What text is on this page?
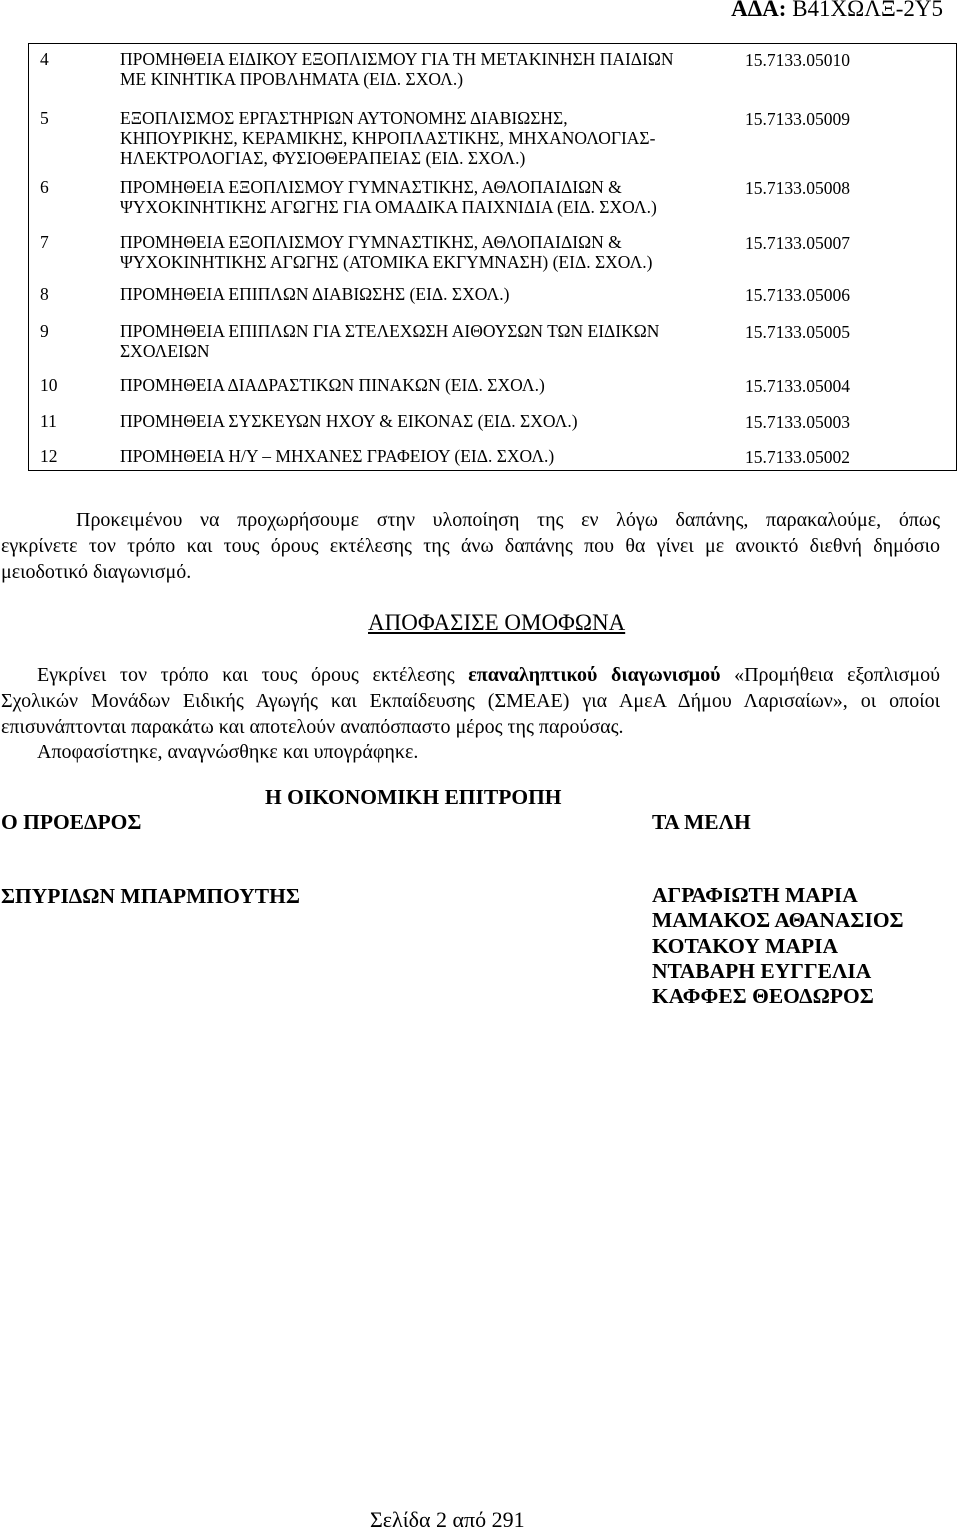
ΑΔΑ: Β41ΧΩΛΞ-2Υ5
4	ΠΡΟΜΗΘΕΙΑ ΕΙΔΙΚΟΥ ΕΞΟΠΛΙΣΜΟΥ ΓΙΑ ΤΗ ΜΕΤΑΚΙΝΗΣΗ ΠΑΙΔΙΩΝ
ΜΕ ΚΙΝΗΤΙΚΑ ΠΡΟΒΛΗΜΑΤΑ (ΕΙΔ. ΣΧΟΛ.)
15.7133.05010
5	ΕΞΟΠΛΙΣΜΟΣ ΕΡΓΑΣΤΗΡΙΩΝ ΑΥΤΟΝΟΜΗΣ ΔΙΑΒΙΩΣΗΣ,
ΚΗΠΟΥΡΙΚΗΣ, ΚΕΡΑΜΙΚΗΣ, ΚΗΡΟΠΛΑΣΤΙΚΗΣ, ΜΗΧΑΝΟΛΟΓΙΑΣ-
ΗΛΕΚΤΡΟΛΟΓΙΑΣ, ΦΥΣΙΟΘΕΡΑΠΕΙΑΣ (ΕΙΔ. ΣΧΟΛ.)
15.7133.05009
6	ΠΡΟΜΗΘΕΙΑ ΕΞΟΠΛΙΣΜΟΥ ΓΥΜΝΑΣΤΙΚΗΣ, ΑΘΛΟΠΑΙΔΙΩΝ &
ΨΥΧΟΚΙΝΗΤΙΚΗΣ ΑΓΩΓΗΣ ΓΙΑ ΟΜΑΔΙΚΑ ΠΑΙΧΝΙΔΙΑ (ΕΙΔ. ΣΧΟΛ.)
15.7133.05008
7	ΠΡΟΜΗΘΕΙΑ ΕΞΟΠΛΙΣΜΟΥ ΓΥΜΝΑΣΤΙΚΗΣ, ΑΘΛΟΠΑΙΔΙΩΝ &
ΨΥΧΟΚΙΝΗΤΙΚΗΣ ΑΓΩΓΗΣ (ΑΤΟΜΙΚΑ ΕΚΓΥΜΝΑΣΗ) (ΕΙΔ. ΣΧΟΛ.)
15.7133.05007
8	ΠΡΟΜΗΘΕΙΑ ΕΠΙΠΛΩΝ ΔΙΑΒΙΩΣΗΣ (ΕΙΔ. ΣΧΟΛ.)	15.7133.05006
9	ΠΡΟΜΗΘΕΙΑ ΕΠΙΠΛΩΝ ΓΙΑ ΣΤΕΛΕΧΩΣΗ ΑΙΘΟΥΣΩΝ ΤΩΝ ΕΙΔΙΚΩΝ
ΣΧΟΛΕΙΩΝ
15.7133.05005
10	ΠΡΟΜΗΘΕΙΑ ΔΙΑΔΡΑΣΤΙΚΩΝ ΠΙΝΑΚΩΝ (ΕΙΔ. ΣΧΟΛ.)	15.7133.05004
11	ΠΡΟΜΗΘΕΙΑ ΣΥΣΚΕΥΩΝ ΗΧΟΥ & ΕΙΚΟΝΑΣ (ΕΙΔ. ΣΧΟΛ.)	15.7133.05003
12	ΠΡΟΜΗΘΕΙΑ Η/Υ – ΜΗΧΑΝΕΣ ΓΡΑΦΕΙΟΥ (ΕΙΔ. ΣΧΟΛ.)	15.7133.05002
Προκειμένου να προχωρήσουμε στην υλοποίηση της εν λόγω δαπάνης, παρακαλούμε, όπως
εγκρίνετε τον τρόπο και τους όρους εκτέλεσης της άνω δαπάνης που θα γίνει με ανοικτό διεθνή δημόσιο
μειοδοτικό διαγωνισμό.
ΑΠΟΦΑΣΙΣΕ ΟΜΟΦΩΝΑ
Εγκρίνει τον τρόπο και τους όρους εκτέλεσης επαναληπτικού διαγωνισμού «Προμήθεια εξοπλισμού
Σχολικών Μονάδων Ειδικής Αγωγής και Εκπαίδευσης (ΣΜΕΑΕ) για ΑμεΑ Δήμου Λαρισαίων», οι οποίοι
επισυνάπτονται παρακάτω και αποτελούν αναπόσπαστο μέρος της παρούσας.
Αποφασίστηκε, αναγνώσθηκε και υπογράφηκε.
Η ΟΙΚΟΝΟΜΙΚΗ ΕΠΙΤΡΟΠΗ
Ο ΠΡΟΕΔΡΟΣ	ΤΑ ΜΕΛΗ
ΣΠΥΡΙΔΩΝ ΜΠΑΡΜΠΟΥΤΗΣ	ΑΓΡΑΦΙΩΤΗ ΜΑΡΙΑ
ΜΑΜΑΚΟΣ ΑΘΑΝΑΣΙΟΣ
ΚΟΤΑΚΟΥ ΜΑΡΙΑ
ΝΤΑΒΑΡΗ ΕΥΓΓΕΛΙΑ
ΚΑΦΦΕΣ ΘΕΟΔΩΡΟΣ
Σελίδα 2 από 291
